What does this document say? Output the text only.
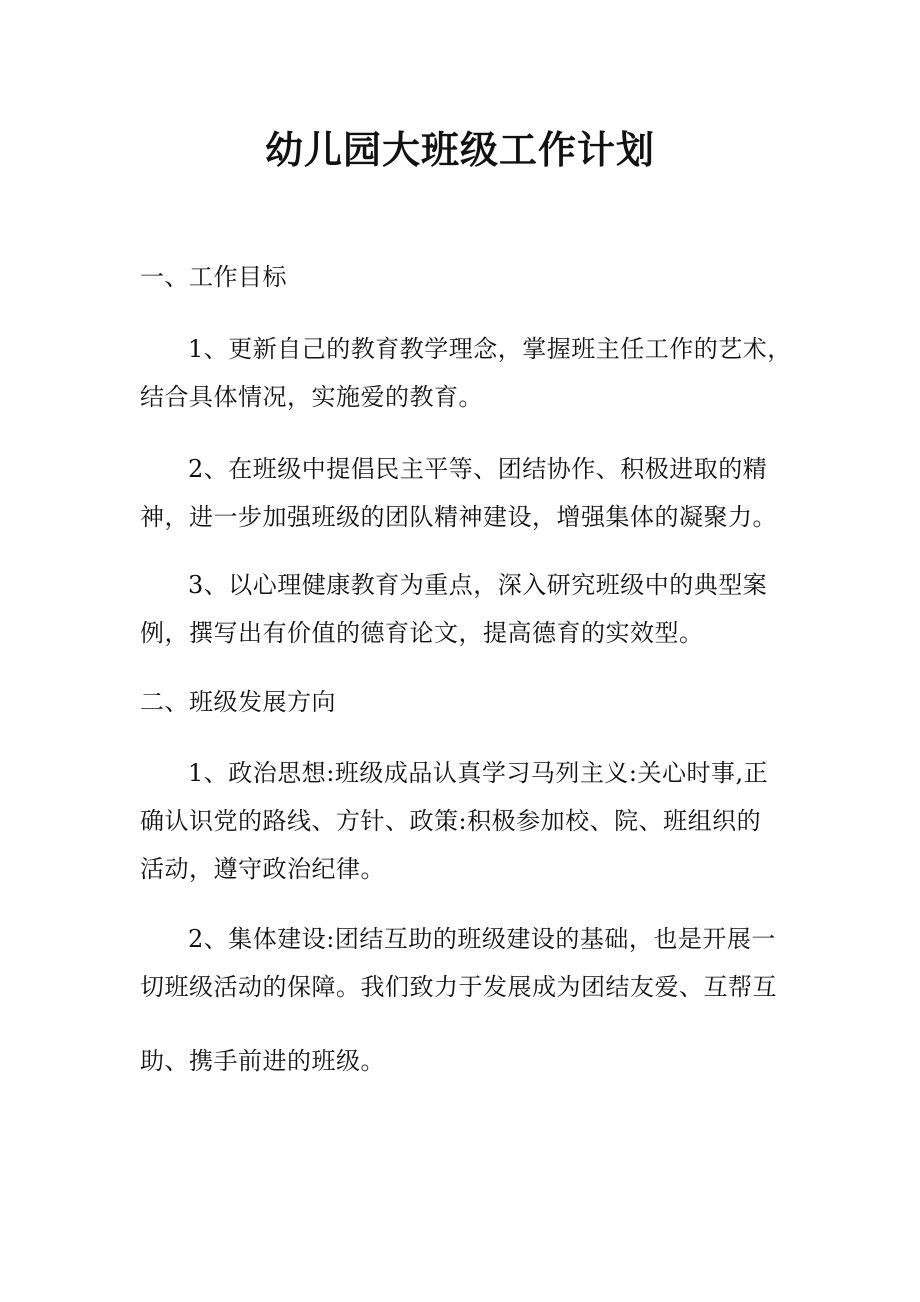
幼儿园大班级工作计划
一、工作目标
1、更新自己的教育教学理念，掌握班主任工作的艺术，
结合具体情况，实施爱的教育。
2、在班级中提倡民主平等、团结协作、积极进取的精
神，进一步加强班级的团队精神建设，增强集体的凝聚力。
3、以心理健康教育为重点，深入研究班级中的典型案
例，撰写出有价值的德育论文，提高德育的实效型。
二、班级发展方向
1、政治思想:班级成品认真学习马列主义:关心时事,正
确认识党的路线、方针、政策:积极参加校、院、班组织的
活动，遵守政治纪律。
2、集体建设:团结互助的班级建设的基础，也是开展一
切班级活动的保障。我们致力于发展成为团结友爱、互帮互
助、携手前进的班级。
